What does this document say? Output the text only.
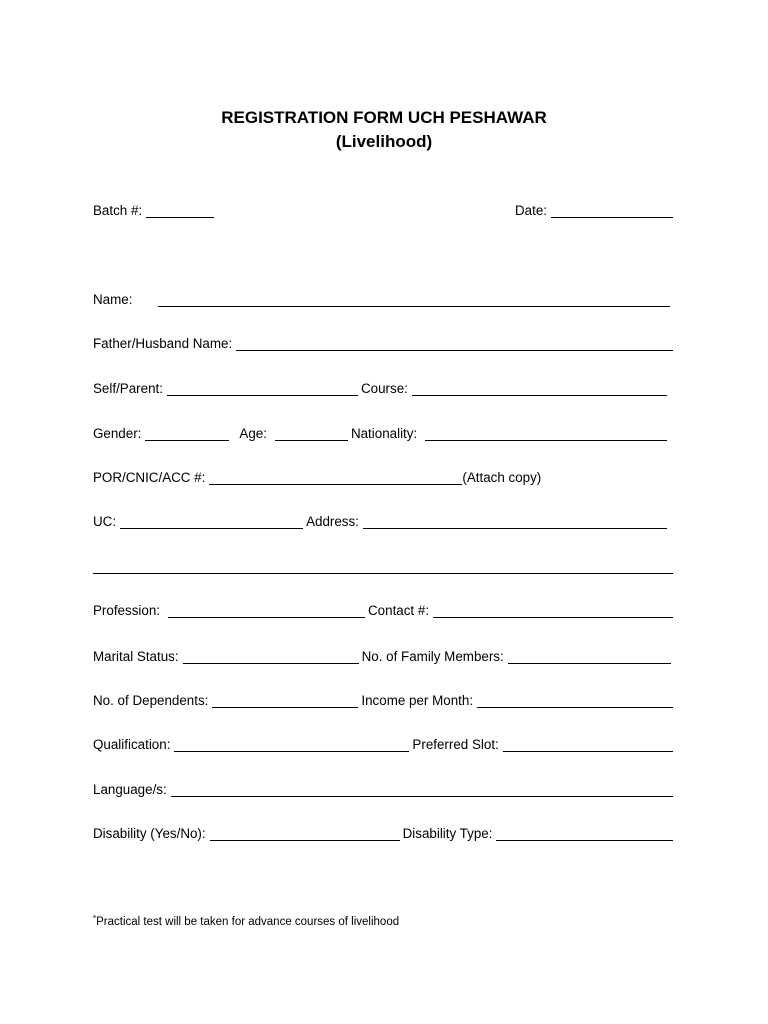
REGISTRATION FORM UCH PESHAWAR
(Livelihood)
Batch #:	Date:
Name:
Father/Husband Name:
Self/Parent:	Course:
Gender:	Age:	Nationality:
POR/CNIC/ACC #:	(Attach copy)
UC:	Address:
Profession:	Contact #:
Marital Status:	No. of Family Members:
No. of Dependents:	Income per Month:
Qualification:	Preferred Slot:
Language/s:
Disability (Yes/No):	Disability Type:
*Practical test will be taken for advance courses of livelihood
